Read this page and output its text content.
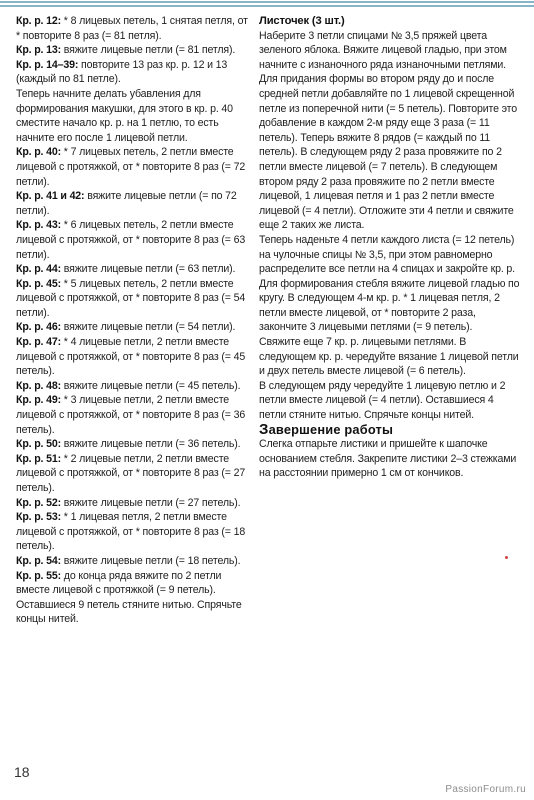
Кр. р. 12: * 8 лицевых петель, 1 снятая петля, от * повторите 8 раз (= 81 петля).

Кр. р. 13: вяжите лицевые петли (= 81 петля).

Кр. р. 14–39: повторите 13 раз кр. р. 12 и 13 (каждый по 81 петле).

Теперь начните делать убавления для формирования макушки, для этого в кр. р. 40 сместите начало кр. р. на 1 петлю, то есть начните его после 1 лицевой петли.

Кр. р. 40: * 7 лицевых петель, 2 петли вместе лицевой с протяжкой, от * повторите 8 раз (= 72 петли).

Кр. р. 41 и 42: вяжите лицевые петли (= по 72 петли).

Кр. р. 43: * 6 лицевых петель, 2 петли вместе лицевой с протяжкой, от * повторите 8 раз (= 63 петли).

Кр. р. 44: вяжите лицевые петли (= 63 петли).

Кр. р. 45: * 5 лицевых петель, 2 петли вместе лицевой с протяжкой, от * повторите 8 раз (= 54 петли).

Кр. р. 46: вяжите лицевые петли (= 54 петли).

Кр. р. 47: * 4 лицевые петли, 2 петли вместе лицевой с протяжкой, от * повторите 8 раз (= 45 петель).

Кр. р. 48: вяжите лицевые петли (= 45 петель).

Кр. р. 49: * 3 лицевые петли, 2 петли вместе лицевой с протяжкой, от * повторите 8 раз (= 36 петель).

Кр. р. 50: вяжите лицевые петли (= 36 петель).

Кр. р. 51: * 2 лицевые петли, 2 петли вместе лицевой с протяжкой, от * повторите 8 раз (= 27 петель).

Кр. р. 52: вяжите лицевые петли (= 27 петель).

Кр. р. 53: * 1 лицевая петля, 2 петли вместе лицевой с протяжкой, от * повторите 8 раз (= 18 петель).

Кр. р. 54: вяжите лицевые петли (= 18 петель).

Кр. р. 55: до конца ряда вяжите по 2 петли вместе лицевой с протяжкой (= 9 петель). Оставшиеся 9 петель стяните нитью. Спрячьте концы нитей.

Листочек (3 шт.)

Наберите 3 петли спицами № 3,5 пряжей цвета зеленого яблока. Вяжите лицевой гладью, при этом начните с изнаночного ряда изнаночными петлями. Для придания формы во втором ряду до и после средней петли добавляйте по 1 лицевой скрещенной петле из поперечной нити (= 5 петель). Повторите это добавление в каждом 2-м ряду еще 3 раза (= 11 петель). Теперь вяжите 8 рядов (= каждый по 11 петель). В следующем ряду 2 раза провяжите по 2 петли вместе лицевой (= 7 петель). В следующем втором ряду 2 раза провяжите по 2 петли вместе лицевой, 1 лицевая петля и 1 раз 2 петли вместе лицевой (= 4 петли). Отложите эти 4 петли и свяжите еще 2 таких же листа.

Теперь наденьте 4 петли каждого листа (= 12 петель) на чулочные спицы № 3,5, при этом равномерно распределите все петли на 4 спицах и закройте кр. р. Для формирования стебля вяжите лицевой гладью по кругу. В следующем 4-м кр. р. * 1 лицевая петля, 2 петли вместе лицевой, от * повторите 2 раза, закончите 3 лицевыми петлями (= 9 петель).

Свяжите еще 7 кр. р. лицевыми петлями. В следующем кр. р. чередуйте вязание 1 лицевой петли и двух петель вместе лицевой (= 6 петель).

В следующем ряду чередуйте 1 лицевую петлю и 2 петли вместе лицевой (= 4 петли). Оставшиеся 4 петли стяните нитью. Спрячьте концы нитей.

Завершение работы

Слегка отпарьте листики и пришейте к шапочке основанием стебля. Закрепите листики 2–3 стежками на расстоянии примерно 1 см от кончиков.

18
PassionForum.ru
